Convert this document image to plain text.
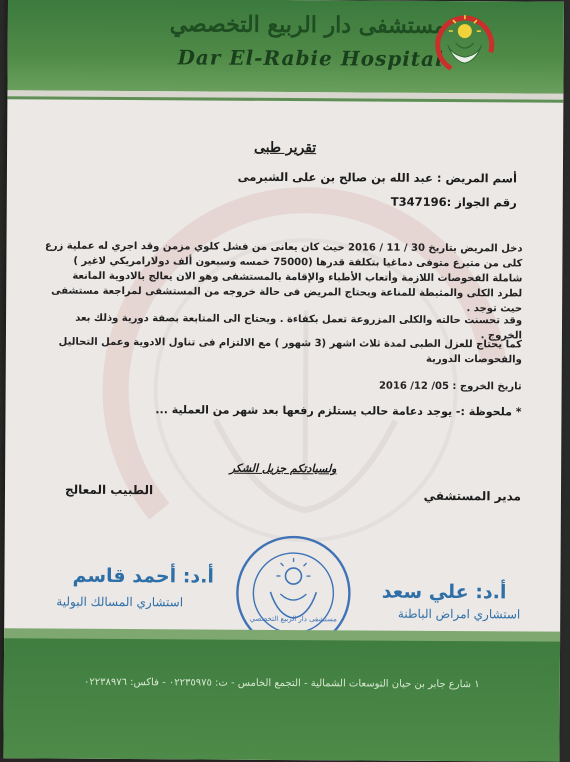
مستشفى دار الربيع التخصصي
Dar El-Rabie Hospital
تقرير طبى
أسم المريض : عبد الله بن صالح بن على الشبرمى
رقم الجواز :T347196
دخل المريض بتاريخ 30 / 11 / 2016 حيث كان يعانى من فشل كلوي مزمن وقد اجري له عملية زرع كلى من متبرع متوفى دماغيا بتكلفة قدرها (75000 خمسه وسبعون ألف دولارامريكي لاغير ) شاملة الفحوصات اللازمة وأتعاب الأطباء والإقامة بالمستشفى وهو الان يعالج بالادوية المانعة لطرد الكلى والمثبطة للمناعة ويحتاج المريض فى حالة خروجه من المستشفى لمراجعة مستشفى حيث توجد .
وقد تحسنت حالته والكلى المزروعة تعمل بكفاءة . ويحتاج الى المتابعة بصفة دورية وذلك بعد الخروج .
كما يحتاج للعزل الطبى لمدة ثلاث اشهر (3 شهور ) مع الالتزام فى تناول الادوية وعمل التحاليل والفحوصات الدورية
تاريخ الخروج : 05/ 12/ 2016
* ملحوظة :- يوجد دعامة حالب يستلزم رفعها بعد شهر من العملية ...
ولسيادتكم جزيل الشكر
مدير المستشفي
الطبيب المعالج
مستشفى دار الربيع التخصصي
أ.د: علي سعد
استشاري امراض الباطنة
أ.د: أحمد قاسم
استشاري المسالك البولية
١ شارع جابر بن حيان التوسعات الشمالية - التجمع الخامس - ت: ٠٢٢٣٥٩٧٥ - فاكس: ٠٢٢٣٨٩٧٦
